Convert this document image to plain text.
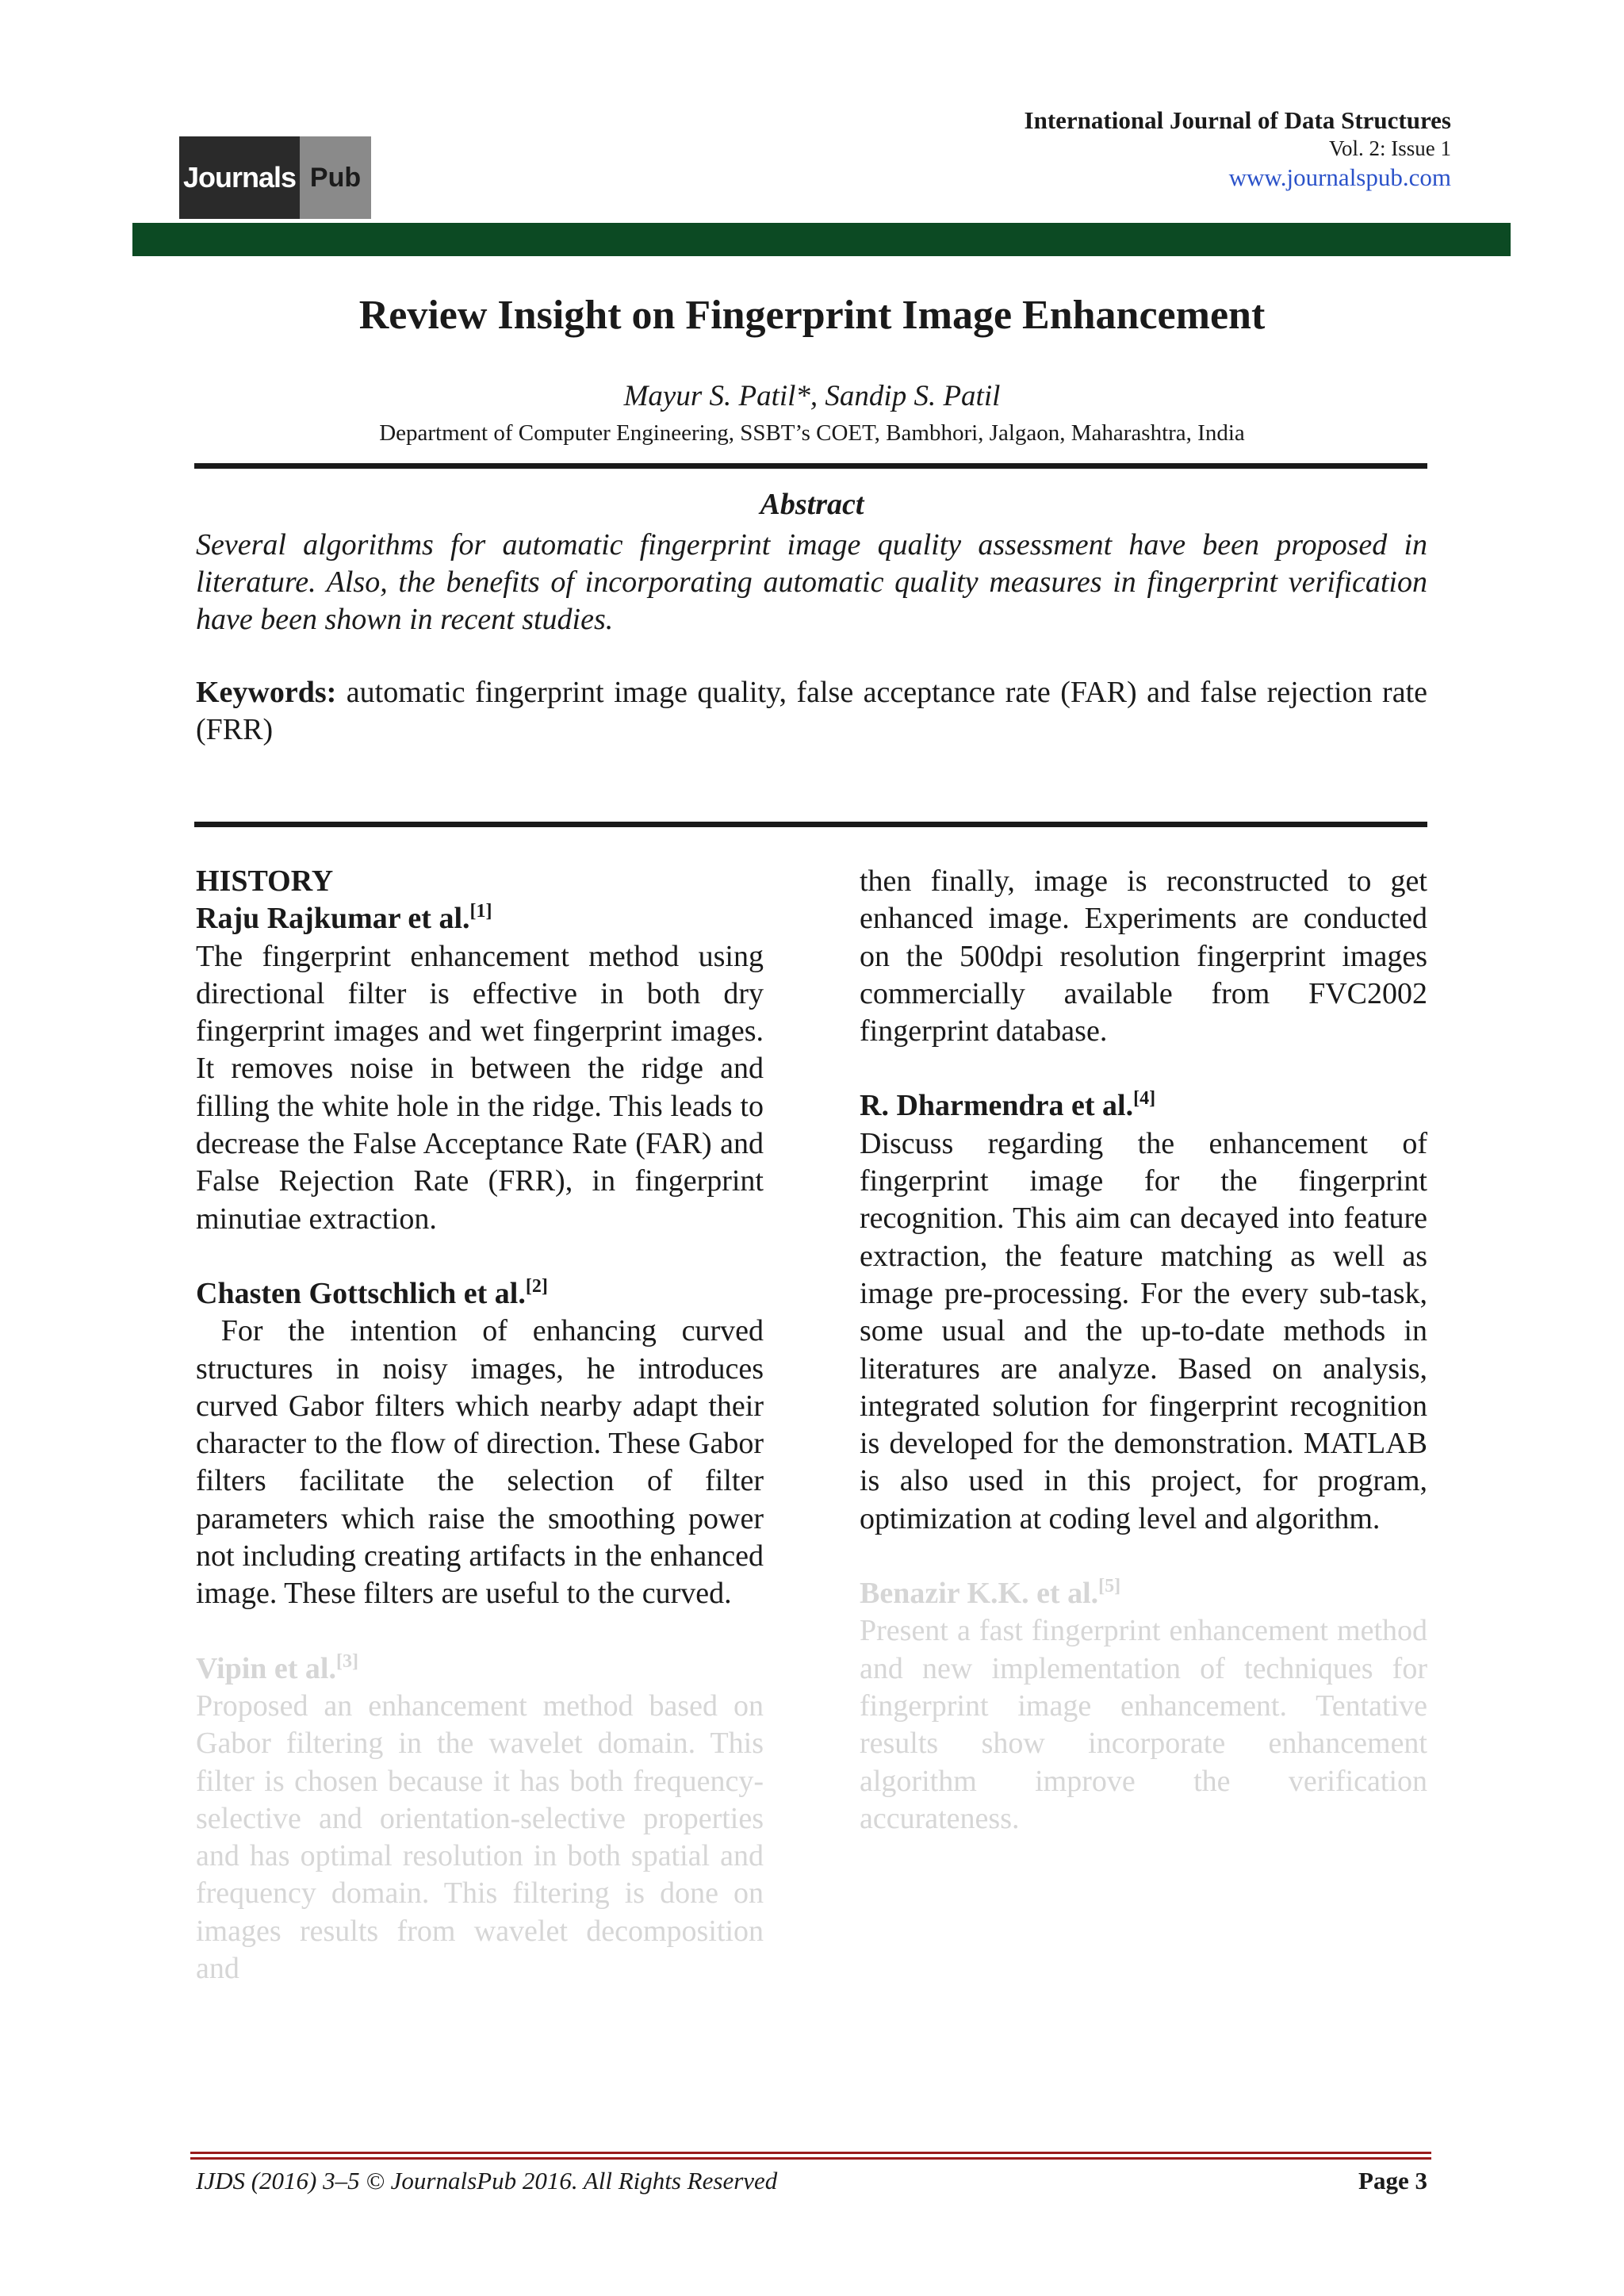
Journals Pub
International Journal of Data Structures
Vol. 2: Issue 1
www.journalspub.com
Review Insight on Fingerprint Image Enhancement
Mayur S. Patil*, Sandip S. Patil
Department of Computer Engineering, SSBT’s COET, Bambhori, Jalgaon, Maharashtra, India
Abstract

Several algorithms for automatic fingerprint image quality assessment have been proposed in literature. Also, the benefits of incorporating automatic quality measures in fingerprint verification have been shown in recent studies.

Keywords: automatic fingerprint image quality, false acceptance rate (FAR) and false rejection rate (FRR)

HISTORY
Raju Rajkumar et al.[1]

The fingerprint enhancement method using directional filter is effective in both dry fingerprint images and wet fingerprint images. It removes noise in between the ridge and filling the white hole in the ridge. This leads to decrease the False Acceptance Rate (FAR) and False Rejection Rate (FRR), in fingerprint minutiae extraction.

Chasten Gottschlich et al.[2]

For the intention of enhancing curved structures in noisy images, he introduces curved Gabor filters which nearby adapt their character to the flow of direction. These Gabor filters facilitate the selection of filter parameters which raise the smoothing power not including creating artifacts in the enhanced image. These filters are useful to the curved.

Vipin et al.[3]

Proposed an enhancement method based on Gabor filtering in the wavelet domain. This filter is chosen because it has both frequency-selective and orientation-selective properties and has optimal resolution in both spatial and frequency domain. This filtering is done on images results from wavelet decomposition and

then finally, image is reconstructed to get enhanced image. Experiments are conducted on the 500dpi resolution fingerprint images commercially available from FVC2002 fingerprint database.

R. Dharmendra et al.[4]

Discuss regarding the enhancement of fingerprint image for the fingerprint recognition. This aim can decayed into feature extraction, the feature matching as well as image pre-processing. For the every sub-task, some usual and the up-to-date methods in literatures are analyze. Based on analysis, integrated solution for fingerprint recognition is developed for the demonstration. MATLAB is also used in this project, for program, optimization at coding level and algorithm.

Benazir K.K. et al.[5]

Present a fast fingerprint enhancement method and new implementation of techniques for fingerprint image enhancement. Tentative results show incorporate enhancement algorithm improve the verification accurateness.

IJDS (2016) 3–5 © JournalsPub 2016. All Rights Reserved	Page 3
